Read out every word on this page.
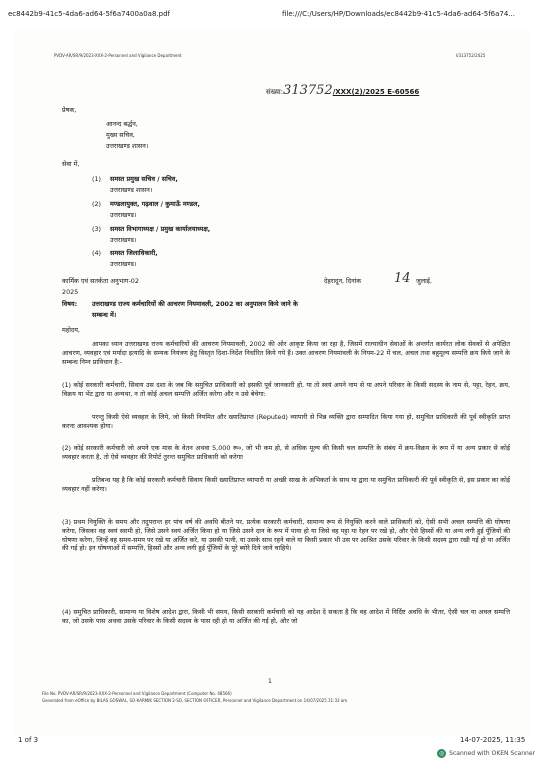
ec8442b9-41c5-4da6-ad64-5f6a7400a0a8.pdf	file:///C:/Users/HP/Downloads/ec8442b9-41c5-4da6-ad64-5f6a74...
PVDV-AR/SR/9/2023-XXX-2-Personnel and Vigilance Department	I/313752/2025
संख्या:313752/XXX(2)/2025 E-60566
प्रेषक,
आनन्द बर्द्धन,
मुख्य सचिव,
उत्तराखण्ड शासन।
सेवा में,
(1) समस्त प्रमुख सचिव / सचिव,
उत्तराखण्ड शासन।
(2) मण्डलायुक्त, गढ़वाल / कुमाऊँ मण्डल,
उत्तराखण्ड।
(3) समस्त विभागाध्यक्ष / प्रमुख कार्यालयाध्यक्ष,
उत्तराखण्ड।
(4) समस्त जिलाधिकारी,
उत्तराखण्ड।
कार्मिक एवं सतर्कता अनुभाग-02	देहरादून, दिनांक	14 जुलाई,
2025
विषय: उत्तराखण्ड राज्य कर्मचारियों की आचरण नियमावली, 2002 का अनुपालन किये जाने के
सम्बन्ध में।
महोदय,
आपका ध्यान उत्तराखण्ड राज्य कर्मचारियों की आचरण नियमावली, 2002 की ओर आकृष्ट किया जा रहा है, जिसमें राज्याधीन सेवाओं के अन्तर्गत कार्यरत लोक सेवकों से अपेक्षित आचरण, व्यवहार एवं मर्यादा इत्यादि के सम्यक नियंत्रण हेतु विस्तृत दिशा-निर्देश निर्धारित किये गये हैं। उक्त आचरण नियमावली के नियम-22 में चल, अचल तथा बहुमूल्य सम्पत्ति क्रय किये जाने के सम्बन्ध निम्न प्राविधान है:-
(1) कोई सरकारी कर्मचारी, सिवाय उस दशा के जब कि समुचित प्राधिकारी को इसकी पूर्व जानकारी हो, या तो स्वयं अपने नाम से या अपने परिवार के किसी सदस्य के नाम से, पट्टा, रेहन, क्रय, विक्रय या भेंट द्वारा या अन्यथा, न तो कोई अचल सम्पत्ति अर्जित करेगा और न उसे बेचेगा:
परन्तु किसी ऐसे व्यवहार के लिये, जो किसी नियमित और ख्यातिप्राप्त (Reputed) व्यापारी से भिन्न व्यक्ति द्वारा सम्पादित किया गया हो, समुचित प्राधिकारी की पूर्व स्वीकृति प्राप्त करना आवश्यक होगा।
(2) कोई सरकारी कर्मचारी जो अपने एक मास के वेतन अथवा 5,000 रू०, जो भी कम हो, से अधिक मूल्य की किसी चल सम्पत्ति के संबंध में क्रय-विक्रय के रूप में या अन्य प्रकार से कोई व्यवहार करता है, तो ऐसे व्यवहार की रिपोर्ट तुरन्त समुचित प्राधिकारी को करेगाः
प्रतिबन्ध यह है कि कोई सरकारी कर्मचारी सिवाय किसी ख्यातिप्राप्त व्यापारी या अच्छी साख के अभिकर्ता के साथ या द्वारा या समुचित प्राधिकारी की पूर्व स्वीकृति से, इस प्रकार का कोई व्यवहार नहीं करेगा।
(3) प्रथम नियुक्ति के समय और तदुपरान्त हर पांच वर्ष की अवधि बीतने पर, प्रत्येक सरकारी कर्मचारी, सामान्य रूप से नियुक्ति करने वाले प्राधिकारी को, ऐसी सभी अचल सम्पत्ति की घोषणा करेगा, जिसका वह स्वयं स्वामी हो, जिसे उसने स्वयं अर्जित किया हो या जिसे उसने दान के रूप में पाया हो या जिसे वह पट्टा या रेहन पर रखे हो, और ऐसे हिस्सों की या अन्य लगी हुई पूँजियों की घोषणा करेगा, जिन्हें वह समय-समय पर रखे या अर्जित करे, या उसकी पत्नी, या उसके साथ रहने वाले या किसी प्रकार भी उस पर आश्रित उसके परिवार के किसी सदस्य द्वारा रखी गई हो या अर्जित की गई हो। इन घोषणाओं में सम्पत्ति, हिस्सों और अन्य लगी हुई पूँजियों के पूरे ब्योरे दिये जाने चाहिये।
(4) समुचित प्राधिकारी, सामान्य या विशेष आदेश द्वारा, किसी भी समय, किसी सरकारी कर्मचारी को यह आदेश दे सकता है कि वह आदेश में निर्दिष्ट अवधि के भीतर, ऐसी चल या अचल सम्पत्ति का, जो उसके पास अथवा उसके परिवार के किसी सदस्य के पास रही हो या अर्जित की गई हो, और जो
1
File No. PVDV-AR/SR/9/2023-XXX-2-Personnel and Vigilance Department (Computer No. 48566)
Generated from eOffice by BILAS GOSWAL, SO-KARMIK SECTION 2-SO, SECTION OFFICER, Personnel and Vigilance Department on 14/07/2025 11:33 am
1 of 3	14-07-2025, 11:35
◎ Scanned with OKEN Scanner
